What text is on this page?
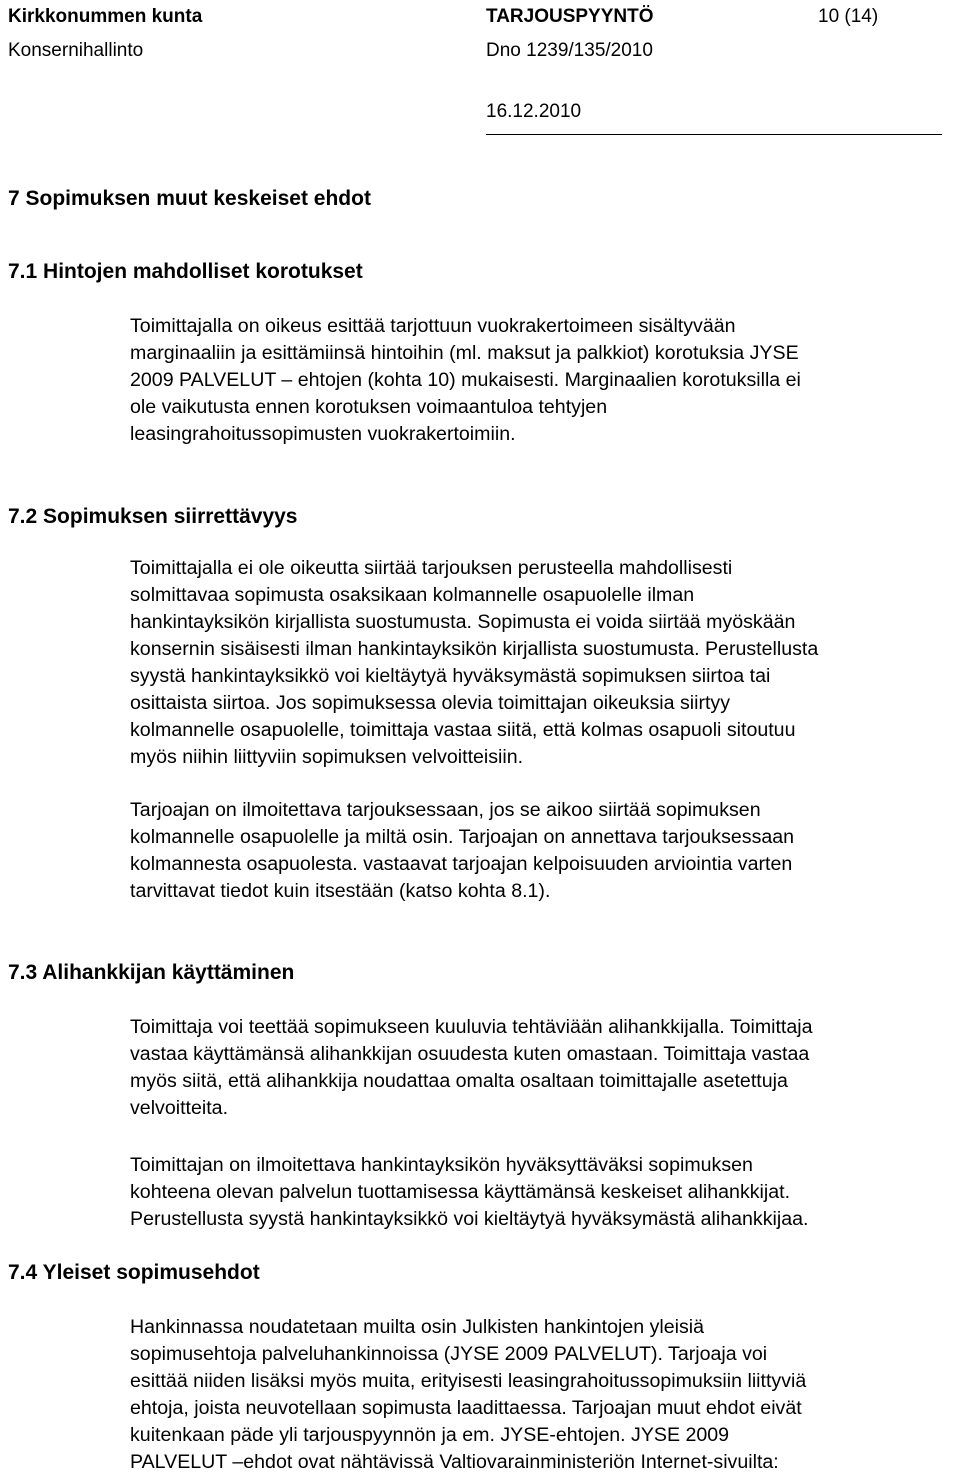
Kirkkonummen kunta
Konsernihallinto
TARJOUSPYYNTÖ
Dno 1239/135/2010
10 (14)
16.12.2010
7 Sopimuksen muut keskeiset ehdot
7.1 Hintojen mahdolliset korotukset
Toimittajalla on oikeus esittää tarjottuun vuokrakertoimeen sisältyvään
marginaaliin ja esittämiinsä hintoihin (ml. maksut ja palkkiot) korotuksia JYSE
2009 PALVELUT – ehtojen (kohta 10) mukaisesti. Marginaalien korotuksilla ei
ole vaikutusta ennen korotuksen voimaantuloa tehtyjen
leasingrahoitussopimusten vuokrakertoimiin.
7.2 Sopimuksen siirrettävyys
Toimittajalla ei ole oikeutta siirtää tarjouksen perusteella mahdollisesti
solmittavaa sopimusta osaksikaan kolmannelle osapuolelle ilman
hankintayksikön kirjallista suostumusta. Sopimusta ei voida siirtää myöskään
konsernin sisäisesti ilman hankintayksikön kirjallista suostumusta. Perustellusta
syystä hankintayksikkö voi kieltäytyä hyväksymästä sopimuksen siirtoa tai
osittaista siirtoa. Jos sopimuksessa olevia toimittajan oikeuksia siirtyy
kolmannelle osapuolelle, toimittaja vastaa siitä, että kolmas osapuoli sitoutuu
myös niihin liittyviin sopimuksen velvoitteisiin.
Tarjoajan on ilmoitettava tarjouksessaan, jos se aikoo siirtää sopimuksen
kolmannelle osapuolelle ja miltä osin. Tarjoajan on annettava tarjouksessaan
kolmannesta osapuolesta. vastaavat tarjoajan kelpoisuuden arviointia varten
tarvittavat tiedot kuin itsestään (katso kohta 8.1).
7.3 Alihankkijan käyttäminen
Toimittaja voi teettää sopimukseen kuuluvia tehtäviään alihankkijalla. Toimittaja
vastaa käyttämänsä alihankkijan osuudesta kuten omastaan. Toimittaja vastaa
myös siitä, että alihankkija noudattaa omalta osaltaan toimittajalle asetettuja
velvoitteita.
Toimittajan on ilmoitettava hankintayksikön hyväksyttäväksi sopimuksen
kohteena olevan palvelun tuottamisessa käyttämänsä keskeiset alihankkijat.
Perustellusta syystä hankintayksikkö voi kieltäytyä hyväksymästä alihankkijaa.
7.4 Yleiset sopimusehdot
Hankinnassa noudatetaan muilta osin Julkisten hankintojen yleisiä
sopimusehtoja palveluhankinnoissa (JYSE 2009 PALVELUT). Tarjoaja voi
esittää niiden lisäksi myös muita, erityisesti leasingrahoitussopimuksiin liittyviä
ehtoja, joista neuvotellaan sopimusta laadittaessa. Tarjoajan muut ehdot eivät
kuitenkaan päde yli tarjouspyynnön ja em. JYSE-ehtojen. JYSE 2009
PALVELUT –ehdot ovat nähtävissä Valtiovarainministeriön Internet-sivuilta:
